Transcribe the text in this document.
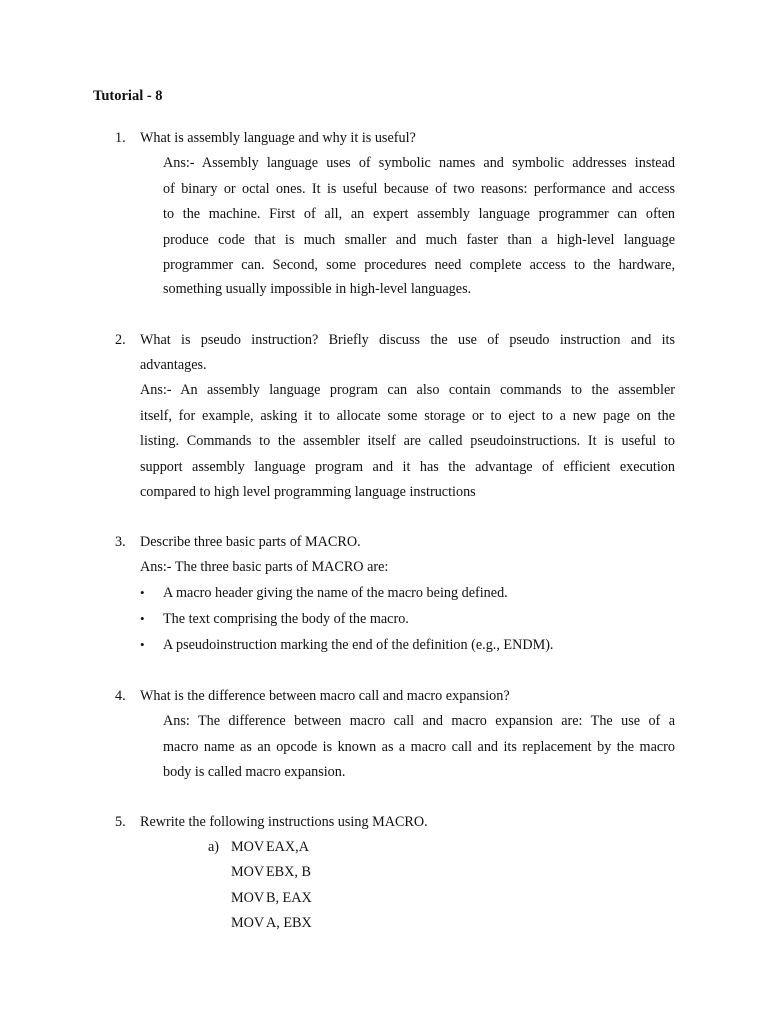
Tutorial - 8
1. What is assembly language and why it is useful?
Ans:- Assembly language uses of symbolic names and symbolic addresses instead
of binary or octal ones. It is useful because of two reasons: performance and access
to the machine. First of all, an expert assembly language programmer can often
produce code that is much smaller and much faster than a high-level language
programmer can. Second, some procedures need complete access to the hardware,
something usually impossible in high-level languages.
2. What is pseudo instruction? Briefly discuss the use of pseudo instruction and its
advantages.
Ans:- An assembly language program can also contain commands to the assembler
itself, for example, asking it to allocate some storage or to eject to a new page on the
listing. Commands to the assembler itself are called pseudoinstructions. It is useful to
support assembly language program and it has the advantage of efficient execution
compared to high level programming language instructions
3. Describe three basic parts of MACRO.
Ans:- The three basic parts of MACRO are:
• A macro header giving the name of the macro being defined.
• The text comprising the body of the macro.
• A pseudoinstruction marking the end of the definition (e.g., ENDM).
4. What is the difference between macro call and macro expansion?
Ans: The difference between macro call and macro expansion are: The use of a
macro name as an opcode is known as a macro call and its replacement by the macro
body is called macro expansion.
5. Rewrite the following instructions using MACRO.
a) MOV EAX,A
MOV EBX, B
MOV B, EAX
MOV A, EBX
